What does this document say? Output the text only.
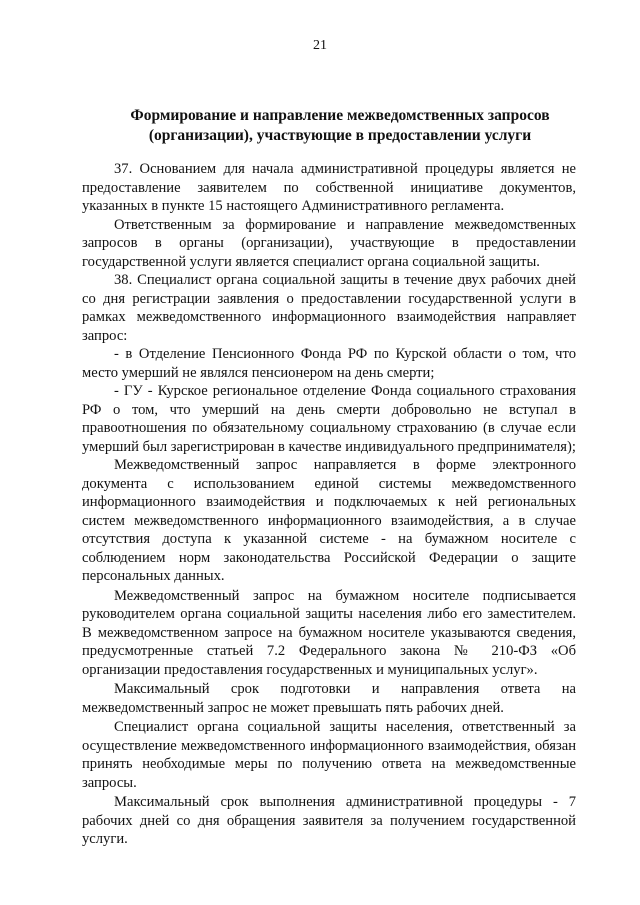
21
Формирование и направление межведомственных запросов (организации), участвующие в предоставлении услуги

37. Основанием для начала административной процедуры является не предоставление заявителем по собственной инициативе документов, указанных в пункте 15 настоящего Административного регламента.

Ответственным за формирование и направление межведомственных запросов в органы (организации), участвующие в предоставлении государственной услуги является специалист органа социальной защиты.

38. Специалист органа социальной защиты в течение двух рабочих дней со дня регистрации заявления о предоставлении государственной услуги в рамках межведомственного информационного взаимодействия направляет запрос:

- в Отделение Пенсионного Фонда РФ по Курской области о том, что место умерший не являлся пенсионером на день смерти;

- ГУ - Курское региональное отделение Фонда социального страхования РФ о том, что умерший на день смерти добровольно не вступал в правоотношения по обязательному социальному страхованию (в случае если умерший был зарегистрирован в качестве индивидуального предпринимателя);

Межведомственный запрос направляется в форме электронного документа с использованием единой системы межведомственного информационного взаимодействия и подключаемых к ней региональных систем межведомственного информационного взаимодействия, а в случае отсутствия доступа к указанной системе - на бумажном носителе с соблюдением норм законодательства Российской Федерации о защите персональных данных.

Межведомственный запрос на бумажном носителе подписывается руководителем органа социальной защиты населения либо его заместителем. В межведомственном запросе на бумажном носителе указываются сведения, предусмотренные статьей 7.2 Федерального закона № 210-ФЗ «Об организации предоставления государственных и муниципальных услуг».

Максимальный срок подготовки и направления ответа на межведомственный запрос не может превышать пять рабочих дней.

Специалист органа социальной защиты населения, ответственный за осуществление межведомственного информационного взаимодействия, обязан принять необходимые меры по получению ответа на межведомственные запросы.

Максимальный срок выполнения административной процедуры - 7 рабочих дней со дня обращения заявителя за получением государственной услуги.
